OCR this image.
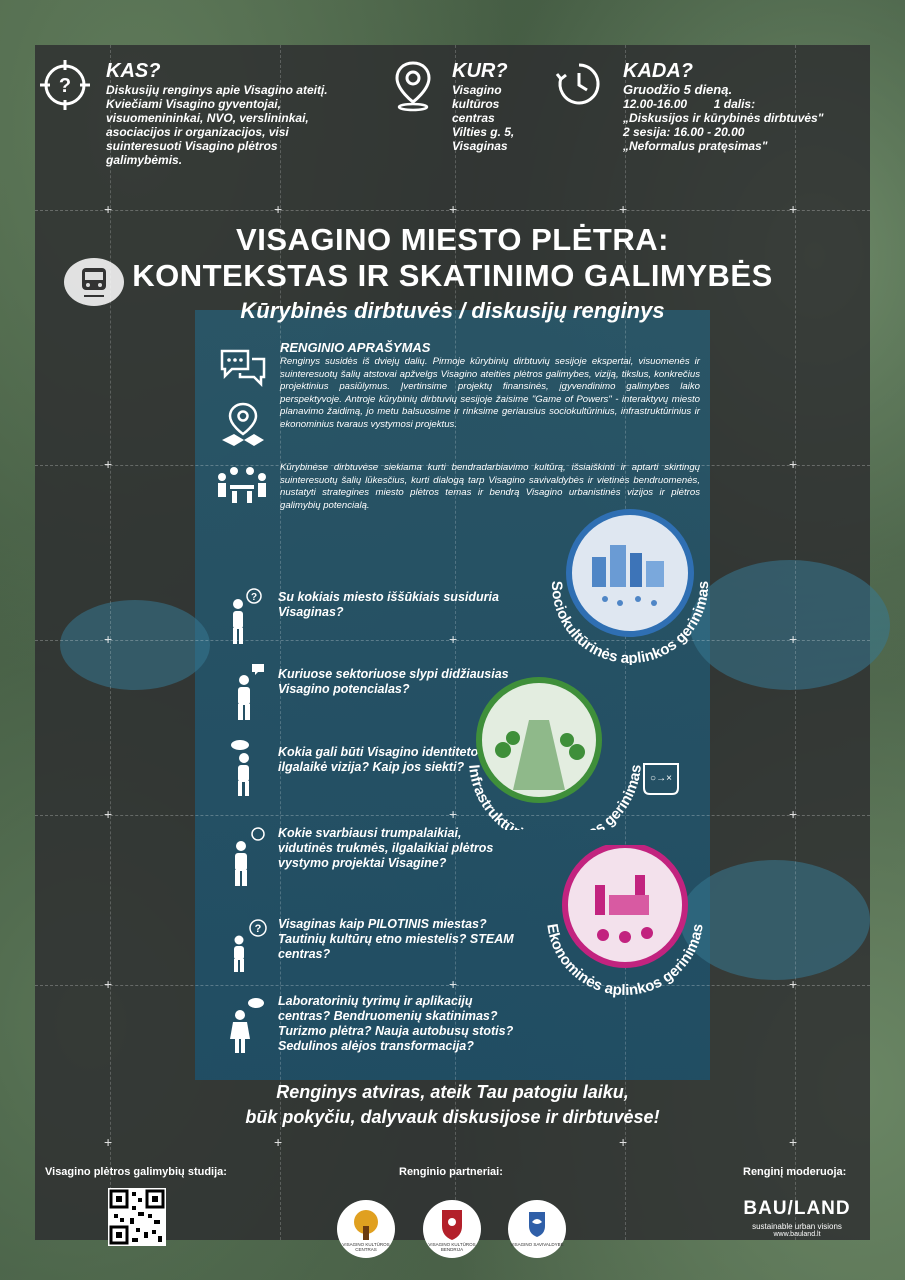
+	+	+	+	+
+	+
+	+	+
+	+	+
+	+	+
+	+	+	+
?
KAS?
Diskusijų renginys apie Visagino ateitį.
Kviečiami Visagino gyventojai,
visuomenininkai, NVO, verslininkai,
asociacijos ir organizacijos, visi
suinteresuoti Visagino plėtros
galimybėmis.
KUR?
Visagino
kultūros
centras
Vilties g. 5,
Visaginas
KADA?
Gruodžio 5 dieną.
12.00-16.00        1 dalis:
„Diskusijos ir kūrybinės dirbtuvės"
2 sesija: 16.00 - 20.00
„Neformalus pratęsimas"
VISAGINO MIESTO PLĖTRA:
KONTEKSTAS IR SKATINIMO GALIMYBĖS
Kūrybinės dirbtuvės / diskusijų renginys
RENGINIO APRAŠYMAS
Renginys susidės iš dviejų dalių. Pirmoje kūrybinių dirbtuvių sesijoje ekspertai, visuomenės ir suinteresuotų šalių atstovai apžvelgs Visagino ateities plėtros galimybes, viziją, tikslus, konkrečius projektinius pasiūlymus. Įvertinsime projektų finansinės, įgyvendinimo galimybes laiko perspektyvoje. Antroje kūrybinių dirbtuvių sesijoje žaisime "Game of Powers" - interaktyvų miesto planavimo žaidimą, jo metu balsuosime ir rinksime geriausius sociokultūrinius, infrastruktūrinius ir ekonominius tvaraus vystymosi projektus.
Kūrybinėse dirbtuvėse siekiama kurti bendradarbiavimo kultūrą, išsiaiškinti ir aptarti skirtingų suinteresuotų šalių lūkesčius, kurti dialogą tarp Visagino savivaldybės ir vietinės bendruomenės, nustatyti strategines miesto plėtros temas ir bendrą Visagino urbanistinės vizijos ir plėtros galimybių potencialą.
? Su kokiais miesto iššūkiais susiduria Visaginas?
Kuriuose sektoriuose slypi didžiausias Visagino potencialas?
Kokia gali būti Visagino identiteto ilgalaikė vizija? Kaip jos siekti?
Kokie svarbiausi trumpalaikiai, vidutinės trukmės, ilgalaikiai plėtros vystymo projektai Visagine?
? Visaginas kaip PILOTINIS miestas? Tautinių kultūrų etno miestelis? STEAM centras?
Laboratorinių tyrimų ir aplikacijų centras? Bendruomenių skatinimas? Turizmo plėtra? Nauja autobusų stotis? Sedulinos alėjos transformacija?
Sociokultūrinės aplinkos gerinimas
Infrastruktū s gerinimas
○→×
Ekonominės aplinkos gerinimas
Renginys atviras, ateik Tau patogiu laiku,
būk pokyčiu, dalyvauk diskusijose ir dirbtuvėse!
Visagino plėtros galimybių studija:	Renginio partneriai:	Renginį moderuoja:
VISAGINO KULTŪROS CENTRAS
VISAGINO KULTŪROS BENDRIJA
VISAGINO SAVIVALDYBĖ
BAU/LAND
sustainable urban visions
www.bauland.lt
